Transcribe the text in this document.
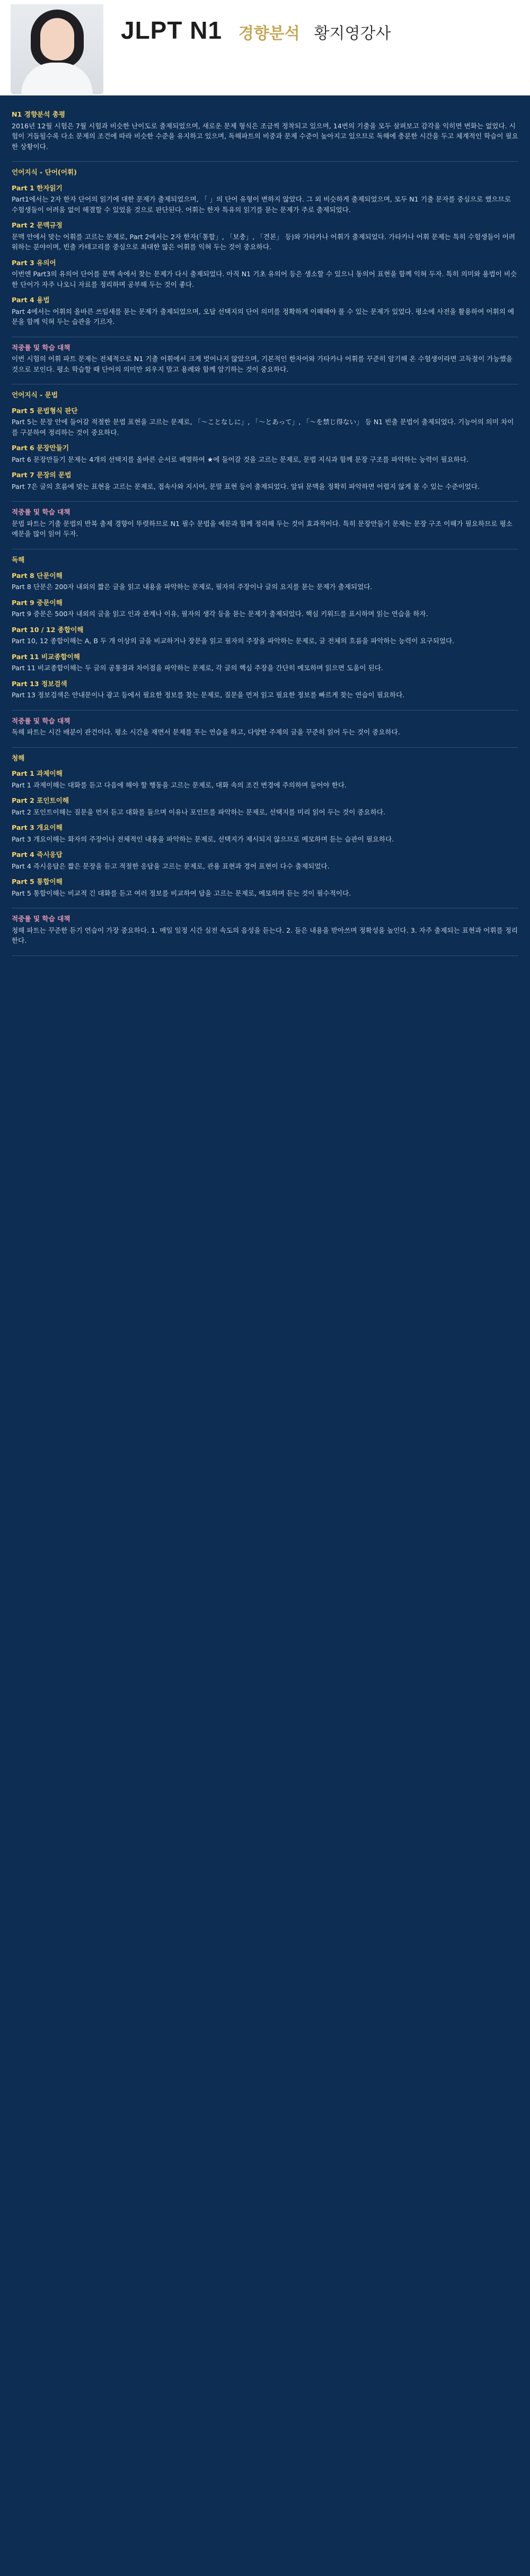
JLPT N1 경향분석 황지영강사
N1 경향분석 총평
2016년 12월 시험은 7월 시험과 비슷한 난이도로 출제되었으며, 새로운 문제 형식은 조금씩 정착되고 있으며, 14번의 기출을 모두 살펴보고 감각을 익히면 변화는 없었다. 시험이 거듭될수록 다소 문제의 조건에 따라 비슷한 수준을 유지하고 있으며, 독해파트의 비중과 문제 수준이 높아지고 있으므로 독해에 충분한 시간을 두고 체계적인 학습이 필요한 상황이다.
언어지식 - 단어(어휘)
Part 1 한자읽기
Part1에서는 2자 한자 단어의 읽기에 대한 문제가 출제되었으며, 「 」의 단어 유형이 변하지 않았다. 그 외 비슷하게 출제되었으며, 모두 N1 기출 문자를 중심으로 했으므로 수험생들이 어려움 없이 해결할 수 있었을 것으로 판단된다. 어휘는 한자 특유의 읽기를 묻는 문제가 주로 출제되었다.
Part 2 문맥규정
문맥 안에서 맞는 어휘를 고르는 문제로, Part 2에서는 2자 한자(「통합」, 「보충」, 「견본」 등)와 가타카나 어휘가 출제되었다. 가타카나 어휘 문제는 특히 수험생들이 어려워하는 분야이며, 빈출 카테고리를 중심으로 최대한 많은 어휘를 익혀 두는 것이 중요하다.
Part 3 유의어
이번엔 Part3의 유의어 단어를 문맥 속에서 찾는 문제가 다시 출제되었다. 아직 N1 기초 유의어 등은 생소할 수 있으니 동의어 표현을 함께 익혀 두자. 특히 의미와 용법이 비슷한 단어가 자주 나오니 자료를 정리하며 공부해 두는 것이 좋다.
Part 4 용법
Part 4에서는 어휘의 올바른 쓰임새를 묻는 문제가 출제되었으며, 오답 선택지의 단어 의미를 정확하게 이해해야 풀 수 있는 문제가 있었다. 평소에 사전을 활용하여 어휘의 예문을 함께 익혀 두는 습관을 기르자.
적중률 및 학습 대책
이번 시험의 어휘 파트 문제는 전체적으로 N1 기출 어휘에서 크게 벗어나지 않았으며, 기본적인 한자어와 가타카나 어휘를 꾸준히 암기해 온 수험생이라면 고득점이 가능했을 것으로 보인다. 평소 학습할 때 단어의 의미만 외우지 말고 용례와 함께 암기하는 것이 중요하다.
언어지식 - 문법
Part 5 문법형식 판단
Part 5는 문장 안에 들어갈 적절한 문법 표현을 고르는 문제로, 「〜ことなしに」, 「〜とあって」, 「〜を禁じ得ない」 등 N1 빈출 문법이 출제되었다. 기능어의 의미 차이를 구분하여 정리하는 것이 중요하다.
Part 6 문장만들기
Part 6 문장만들기 문제는 4개의 선택지를 올바른 순서로 배열하여 ★에 들어갈 것을 고르는 문제로, 문법 지식과 함께 문장 구조를 파악하는 능력이 필요하다.
Part 7 문장의 문법
Part 7은 글의 흐름에 맞는 표현을 고르는 문제로, 접속사와 지시어, 문말 표현 등이 출제되었다. 앞뒤 문맥을 정확히 파악하면 어렵지 않게 풀 수 있는 수준이었다.
적중률 및 학습 대책
문법 파트는 기출 문법의 반복 출제 경향이 뚜렷하므로 N1 필수 문법을 예문과 함께 정리해 두는 것이 효과적이다. 특히 문장만들기 문제는 문장 구조 이해가 필요하므로 평소 예문을 많이 읽어 두자.
독해
Part 8 단문이해
Part 8 단문은 200자 내외의 짧은 글을 읽고 내용을 파악하는 문제로, 필자의 주장이나 글의 요지를 묻는 문제가 출제되었다.
Part 9 중문이해
Part 9 중문은 500자 내외의 글을 읽고 인과 관계나 이유, 필자의 생각 등을 묻는 문제가 출제되었다. 핵심 키워드를 표시하며 읽는 연습을 하자.
Part 10 / 12 종합이해
Part 10, 12 종합이해는 A, B 두 개 이상의 글을 비교하거나 장문을 읽고 필자의 주장을 파악하는 문제로, 글 전체의 흐름을 파악하는 능력이 요구되었다.
Part 11 비교종합이해
Part 11 비교종합이해는 두 글의 공통점과 차이점을 파악하는 문제로, 각 글의 핵심 주장을 간단히 메모하며 읽으면 도움이 된다.
Part 13 정보검색
Part 13 정보검색은 안내문이나 광고 등에서 필요한 정보를 찾는 문제로, 질문을 먼저 읽고 필요한 정보를 빠르게 찾는 연습이 필요하다.
적중률 및 학습 대책
독해 파트는 시간 배분이 관건이다. 평소 시간을 재면서 문제를 푸는 연습을 하고, 다양한 주제의 글을 꾸준히 읽어 두는 것이 중요하다.
청해
Part 1 과제이해
Part 1 과제이해는 대화를 듣고 다음에 해야 할 행동을 고르는 문제로, 대화 속의 조건 변경에 주의하며 들어야 한다.
Part 2 포인트이해
Part 2 포인트이해는 질문을 먼저 듣고 대화를 들으며 이유나 포인트를 파악하는 문제로, 선택지를 미리 읽어 두는 것이 중요하다.
Part 3 개요이해
Part 3 개요이해는 화자의 주장이나 전체적인 내용을 파악하는 문제로, 선택지가 제시되지 않으므로 메모하며 듣는 습관이 필요하다.
Part 4 즉시응답
Part 4 즉시응답은 짧은 문장을 듣고 적절한 응답을 고르는 문제로, 관용 표현과 경어 표현이 다수 출제되었다.
Part 5 통합이해
Part 5 통합이해는 비교적 긴 대화를 듣고 여러 정보를 비교하여 답을 고르는 문제로, 메모하며 듣는 것이 필수적이다.
적중률 및 학습 대책
청해 파트는 꾸준한 듣기 연습이 가장 중요하다. 1. 매일 일정 시간 실전 속도의 음성을 듣는다. 2. 들은 내용을 받아쓰며 정확성을 높인다. 3. 자주 출제되는 표현과 어휘를 정리한다.
